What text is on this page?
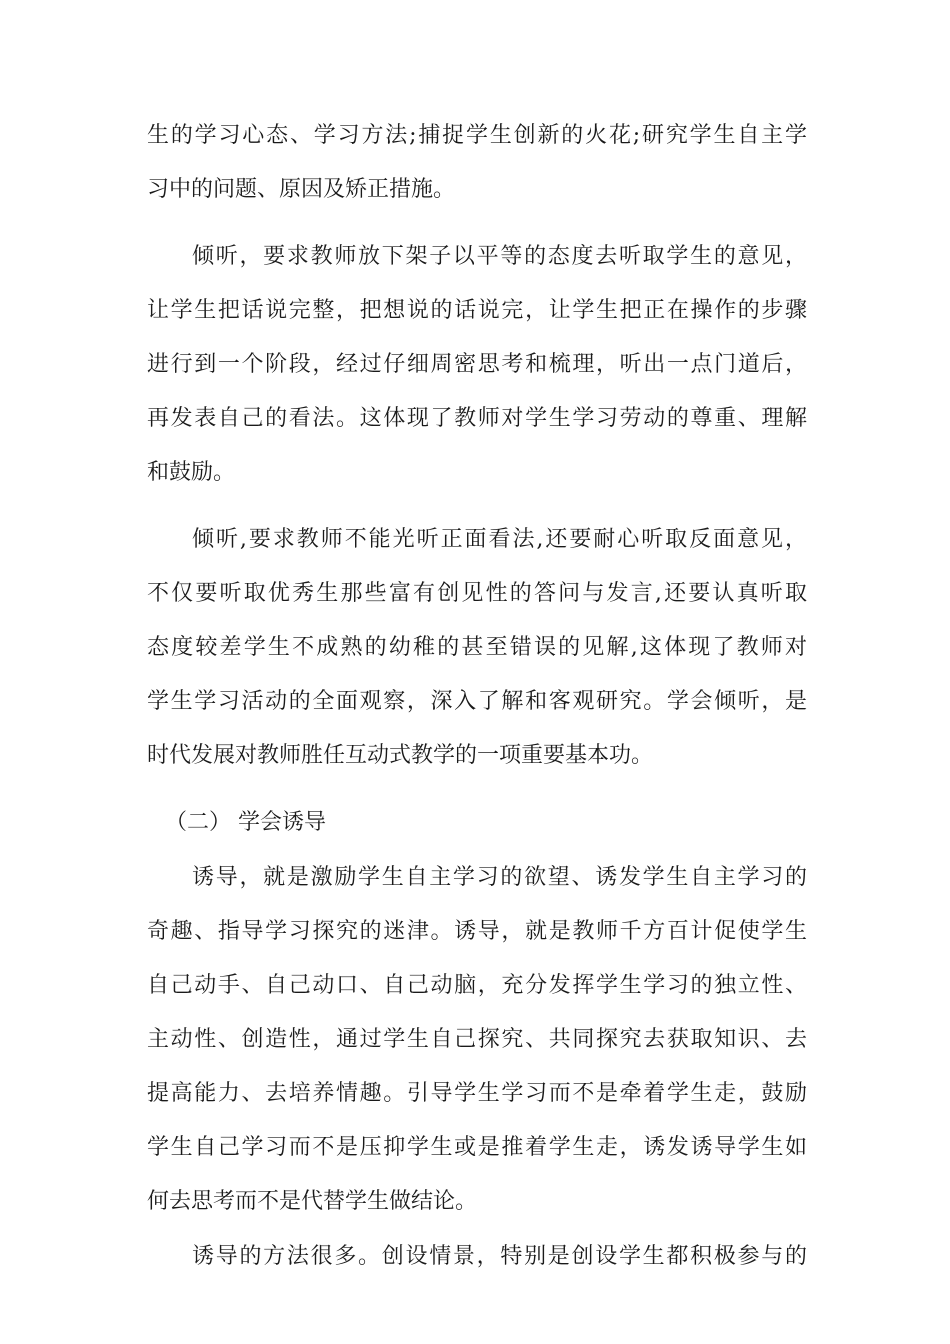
生的学习心态、学习方法;捕捉学生创新的火花;研究学生自主学
习中的问题、原因及矫正措施。
倾听，要求教师放下架子以平等的态度去听取学生的意见，
让学生把话说完整，把想说的话说完，让学生把正在操作的步骤
进行到一个阶段，经过仔细周密思考和梳理，听出一点门道后，
再发表自己的看法。这体现了教师对学生学习劳动的尊重、理解
和鼓励。
倾听,要求教师不能光听正面看法,还要耐心听取反面意见，
不仅要听取优秀生那些富有创见性的答问与发言,还要认真听取
态度较差学生不成熟的幼稚的甚至错误的见解,这体现了教师对
学生学习活动的全面观察，深入了解和客观研究。学会倾听，是
时代发展对教师胜任互动式教学的一项重要基本功。
（二） 学会诱导
诱导，就是激励学生自主学习的欲望、诱发学生自主学习的
奇趣、指导学习探究的迷津。诱导，就是教师千方百计促使学生
自己动手、自己动口、自己动脑，充分发挥学生学习的独立性、
主动性、创造性，通过学生自己探究、共同探究去获取知识、去
提高能力、去培养情趣。引导学生学习而不是牵着学生走，鼓励
学生自己学习而不是压抑学生或是推着学生走，诱发诱导学生如
何去思考而不是代替学生做结论。
诱导的方法很多。创设情景，特别是创设学生都积极参与的
